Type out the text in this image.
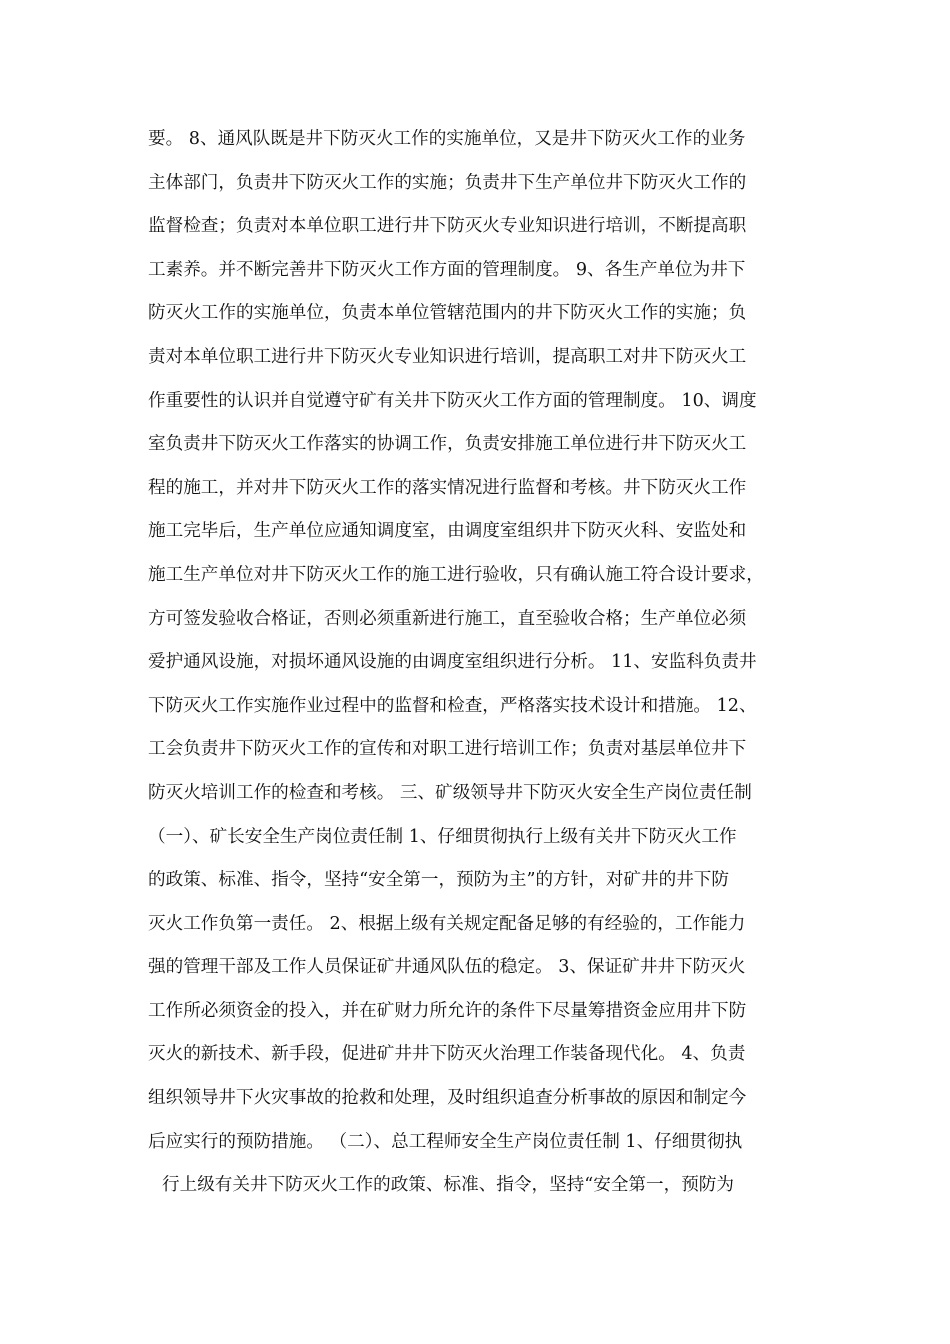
要。 8、通风队既是井下防灭火工作的实施单位，又是井下防灭火工作的业务
主体部门，负责井下防灭火工作的实施；负责井下生产单位井下防灭火工作的
监督检查；负责对本单位职工进行井下防灭火专业知识进行培训，不断提高职
工素养。并不断完善井下防灭火工作方面的管理制度。 9、各生产单位为井下
防灭火工作的实施单位，负责本单位管辖范围内的井下防灭火工作的实施；负
责对本单位职工进行井下防灭火专业知识进行培训，提高职工对井下防灭火工
作重要性的认识并自觉遵守矿有关井下防灭火工作方面的管理制度。 10、调度
室负责井下防灭火工作落实的协调工作，负责安排施工单位进行井下防灭火工
程的施工，并对井下防灭火工作的落实情况进行监督和考核。井下防灭火工作
施工完毕后，生产单位应通知调度室，由调度室组织井下防灭火科、安监处和
施工生产单位对井下防灭火工作的施工进行验收，只有确认施工符合设计要求，
方可签发验收合格证，否则必须重新进行施工，直至验收合格；生产单位必须
爱护通风设施，对损坏通风设施的由调度室组织进行分析。 11、安监科负责井
下防灭火工作实施作业过程中的监督和检查，严格落实技术设计和措施。 12、
工会负责井下防灭火工作的宣传和对职工进行培训工作；负责对基层单位井下
防灭火培训工作的检查和考核。 三、矿级领导井下防灭火安全生产岗位责任制
（一）、矿长安全生产岗位责任制 1、仔细贯彻执行上级有关井下防灭火工作
的政策、标准、指令，坚持“安全第一，预防为主”的方针，对矿井的井下防
灭火工作负第一责任。 2、根据上级有关规定配备足够的有经验的，工作能力
强的管理干部及工作人员保证矿井通风队伍的稳定。 3、保证矿井井下防灭火
工作所必须资金的投入，并在矿财力所允许的条件下尽量筹措资金应用井下防
灭火的新技术、新手段，促进矿井井下防灭火治理工作装备现代化。 4、负责
组织领导井下火灾事故的抢救和处理，及时组织追查分析事故的原因和制定今
后应实行的预防措施。 （二）、总工程师安全生产岗位责任制 1、仔细贯彻执
行上级有关井下防灭火工作的政策、标准、指令，坚持“安全第一，预防为
